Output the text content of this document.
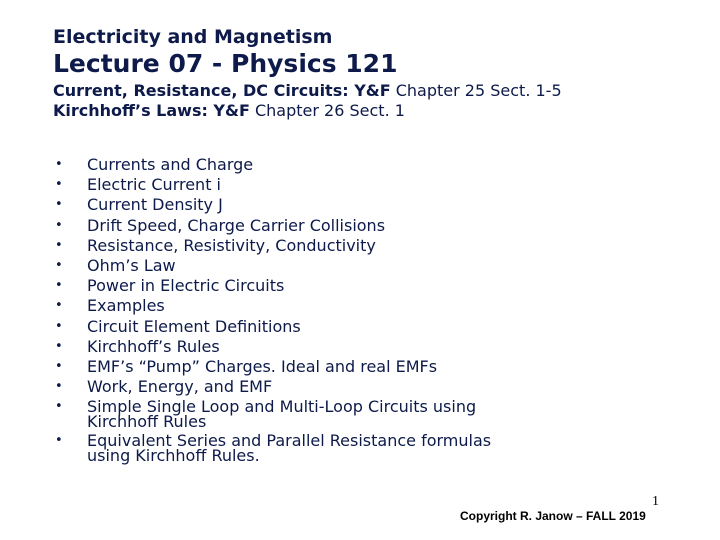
Electricity and Magnetism
Lecture 07 - Physics 121
Current, Resistance, DC Circuits: Y&F Chapter 25 Sect. 1-5
Kirchhoff’s Laws: Y&F Chapter 26 Sect. 1
• Currents and Charge
• Electric Current i
• Current Density J
• Drift Speed, Charge Carrier Collisions
• Resistance, Resistivity, Conductivity
• Ohm’s Law
• Power in Electric Circuits
• Examples
• Circuit Element Definitions
• Kirchhoff’s Rules
• EMF’s “Pump” Charges. Ideal and real EMFs
• Work, Energy, and EMF
• Simple Single Loop and Multi-Loop Circuits using Kirchhoff Rules
• Equivalent Series and Parallel Resistance formulas using Kirchhoff Rules.
Copyright R. Janow – FALL 2019
1
